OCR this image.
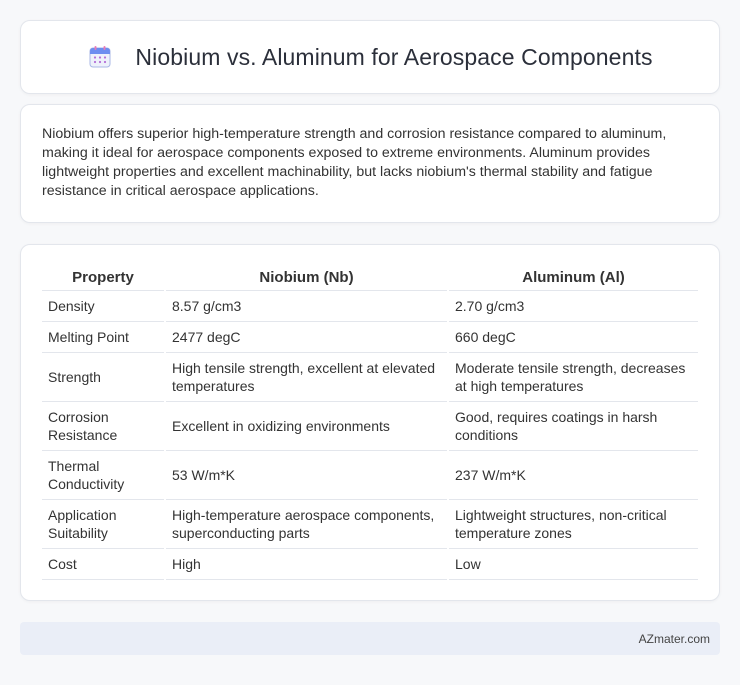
Niobium vs. Aluminum for Aerospace Components

Niobium offers superior high-temperature strength and corrosion resistance compared to aluminum, making it ideal for aerospace components exposed to extreme environments. Aluminum provides lightweight properties and excellent machinability, but lacks niobium's thermal stability and fatigue resistance in critical aerospace applications.

Property	Niobium (Nb)	Aluminum (Al)
Density	8.57 g/cm3	2.70 g/cm3
Melting Point	2477 degC	660 degC
Strength	High tensile strength, excellent at elevated temperatures	Moderate tensile strength, decreases at high temperatures
Corrosion Resistance	Excellent in oxidizing environments	Good, requires coatings in harsh conditions
Thermal Conductivity	53 W/m*K	237 W/m*K
Application Suitability	High-temperature aerospace components, superconducting parts	Lightweight structures, non-critical temperature zones
Cost	High	Low
AZmater.com
